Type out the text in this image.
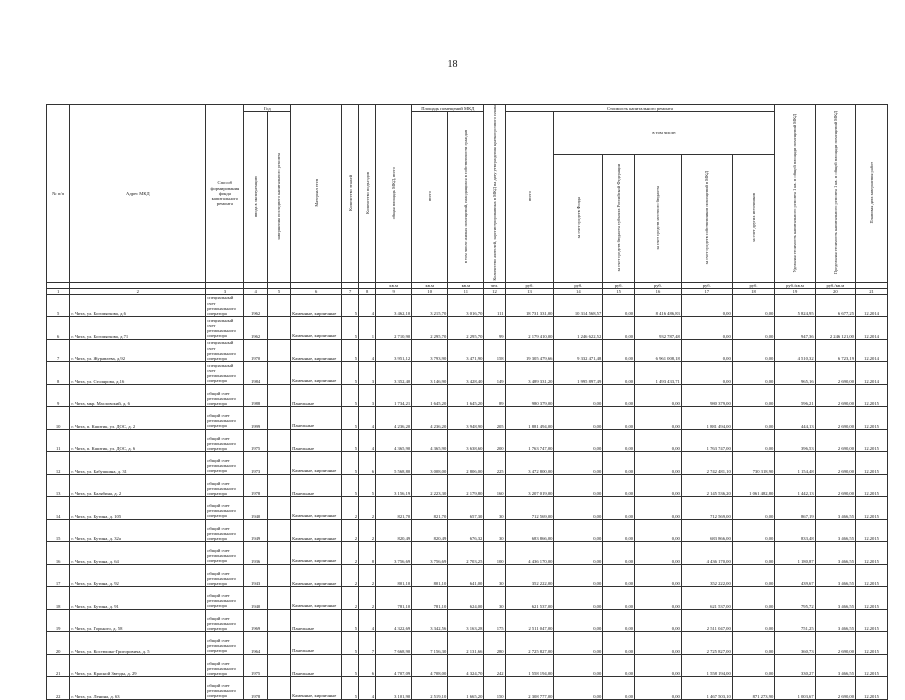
18
№ п/п	Адрес МКД	Способ формирования фонда капитального ремонта	Год		Материал стен	Количество этажей	Количество подъездов	общая площадь МКД, всего	Площадь помещений МКД		Количество жителей, зарегистрированных в МКД на дату утверждения краткосрочного плана	Стоимость капитального ремонта						Удельная стоимость капитального ремонта 1 кв. м общей площади помещений МКД	Предельная стоимость капитального ремонта 1 кв. м общей площади помещений МКД	Плановая дата завершения работ
			ввода в эксплуатацию	завершения последнего капитального ремонта					всего	в том числе жилых помещений, находящихся в собственности граждан		всего	в том числе:							
													за счет средств Фонда	за счет средств бюджета субъекта Российской Федерации	за счет средств местного бюджета	за счет средств собственников помещений в МКД	за счет других источников			
								кв.м	кв.м	кв.м	чел.	руб.	руб.	руб.	руб.	руб.	руб.	руб./кв.м	руб./кв.м	
1	2	3	4	5	6	7	8	9	10	11	12	13	14	15	16	17	18	19	20	21
5	г. Чита, ул. Богомягкова, д.6	специальный счет регионального оператора	1962		Каменные, кирпичные	5	4	3 462,10	3 215,70	3 016,70	111	18 731 331,00	10 314 568,57	0,00	8 416 486,83	0,00	0,00	5 824,95	6 677,25	12.2014
6	г. Чита, ул. Богомягкова, д.71	специальный счет регионального оператора	1962		Каменные, кирпичные	5	1	2 710,90	2 295,70	2 295,70	99	2 179 410,00	1 246 622,52	0,00	932 787,48	0,00	0,00	947,36	2 246 121,00	12.2014
7	г. Чита, ул. Журавлева, д.92	специальный счет регионального оператора	1970		Каменные, кирпичные	5	4	3 951,12	3 793,90	3 471,90	158	19 305 479,66	9 332 471,48	0,00	6 961 008,18	0,00	0,00	4 510,32	6 723,19	12.2014
8	г. Чита, ул. Столярова, д.16	специальный счет регионального оператора	1984		Каменные, кирпичные	5	3	3 352,40	3 146,90	3 428,40	149	3 489 331,20	1 995 897,49	0,00	1 493 433,71	0,00	0,00	965,16	2 690,00	12.2014
9	г. Чита, мкр. Масловский, д. 6	общий счет регионального оператора	1988		Панельные	5	3	1 734,21	1 645,20	1 645,20	89	980 379,00	0,00	0,00	0,00	980 379,00	0,00	596,21	2 690,00	12.2015
10	г. Чита, п. Кшитик, ул. ДОС, д. 2	общий счет регионального оператора	1999		Панельные	5	4	4 236,20	4 236,20	3 948,90	205	1 881 494,00	0,00	0,00	0,00	1 881 494,00	0,00	444,13	2 690,00	12.2015
11	г. Чита, п. Кшитик, ул. ДОС, д. 6	общий счет регионального оператора	1975		Панельные	5	4	4 365,90	4 365,90	3 638,60	200	1 763 747,00	0,00	0,00	0,00	1 763 747,00	0,00	396,53	2 690,00	12.2015
12	г. Чита, ул. Бабушкина, д. 31	общий счет регионального оператора	1973		Каменные, кирпичные	5	6	5 568,80	3 008,00	2 806,00	225	3 472 800,00	0,00	0,00	0,00	2 742 481,10	730 318,90	1 154,48	2 690,00	12.2015
13	г. Чита, ул. Балябина, д. 2	общий счет регионального оператора	1978		Панельные	5	5	3 156,19	2 223,30	2 179,80	160	3 207 019,00	0,00	0,00	0,00	2 145 536,20	1 061 482,80	1 442,13	2 690,00	12.2015
14	г. Чита, ул. Бутина, д. 105	общий счет регионального оператора	1940		Каменные, кирпичные	2	2	821,70	821,70	657,30	30	712 569,00	0,00	0,00	0,00	712 569,00	0,00	867,19	3 466,55	12.2015
15	г. Чита, ул. Бутина, д. 32а	общий счет регионального оператора	1949		Каменные, кирпичные	2	2	820,49	820,49	676,32	30	683 866,00	0,00	0,00	0,00	683 866,00	0,00	833,48	3 466,55	12.2015
16	г. Чита, ул. Бутина, д. 64	общий счет регионального оператора	1936		Каменные, кирпичные	2	8	3 756,69	3 756,69	2 703,25	100	4 436 170,00	0,00	0,00	0,00	4 436 170,00	0,00	1 180,87	3 466,55	12.2015
17	г. Чита, ул. Бутина, д. 92	общий счет регионального оператора	1943		Каменные, кирпичные	2	2	801,10	801,10	641,00	30	352 222,00	0,00	0,00	0,00	352 222,00	0,00	439,67	3 466,55	12.2015
18	г. Чита, ул. Бутина, д. 91	общий счет регионального оператора	1940		Каменные, кирпичные	2	2	781,10	781,10	624,00	30	621 537,00	0,00	0,00	0,00	621 537,00	0,00	795,72	3 466,55	12.2015
19	г. Чита, ул. Горького, д. 58	общий счет регионального оператора	1969		Панельные	5	4	4 322,69	3 342,56	3 163,28	175	2 511 047,00	0,00	0,00	0,00	2 511 047,00	0,00	751,25	3 466,55	12.2015
20	г. Чита, ул. Костюшко-Григоровича, д. 5	общий счет регионального оператора	1964		Панельные	5	7	7 668,90	7 156,30	2 131,66	280	2 725 827,00	0,00	0,00	0,00	2 725 827,00	0,00	360,73	2 690,00	12.2015
21	г. Чита, ул. Красной Звезды, д. 29	общий счет регионального оператора	1975		Панельные	5	6	4 707,09	4 708,00	4 324,70	242	1 558 194,00	0,00	0,00	0,00	1 558 194,00	0,00	330,27	3 466,55	12.2015
22	г. Чита, ул. Ленина, д. 63	общий счет регионального оператора	1978		Каменные, кирпичные	5	4	3 101,90	2 519,10	1 665,20	150	2 308 777,00	0,00	0,00	0,00	1 467 503,10	871 273,90	1 003,67	2 690,00	12.2015
